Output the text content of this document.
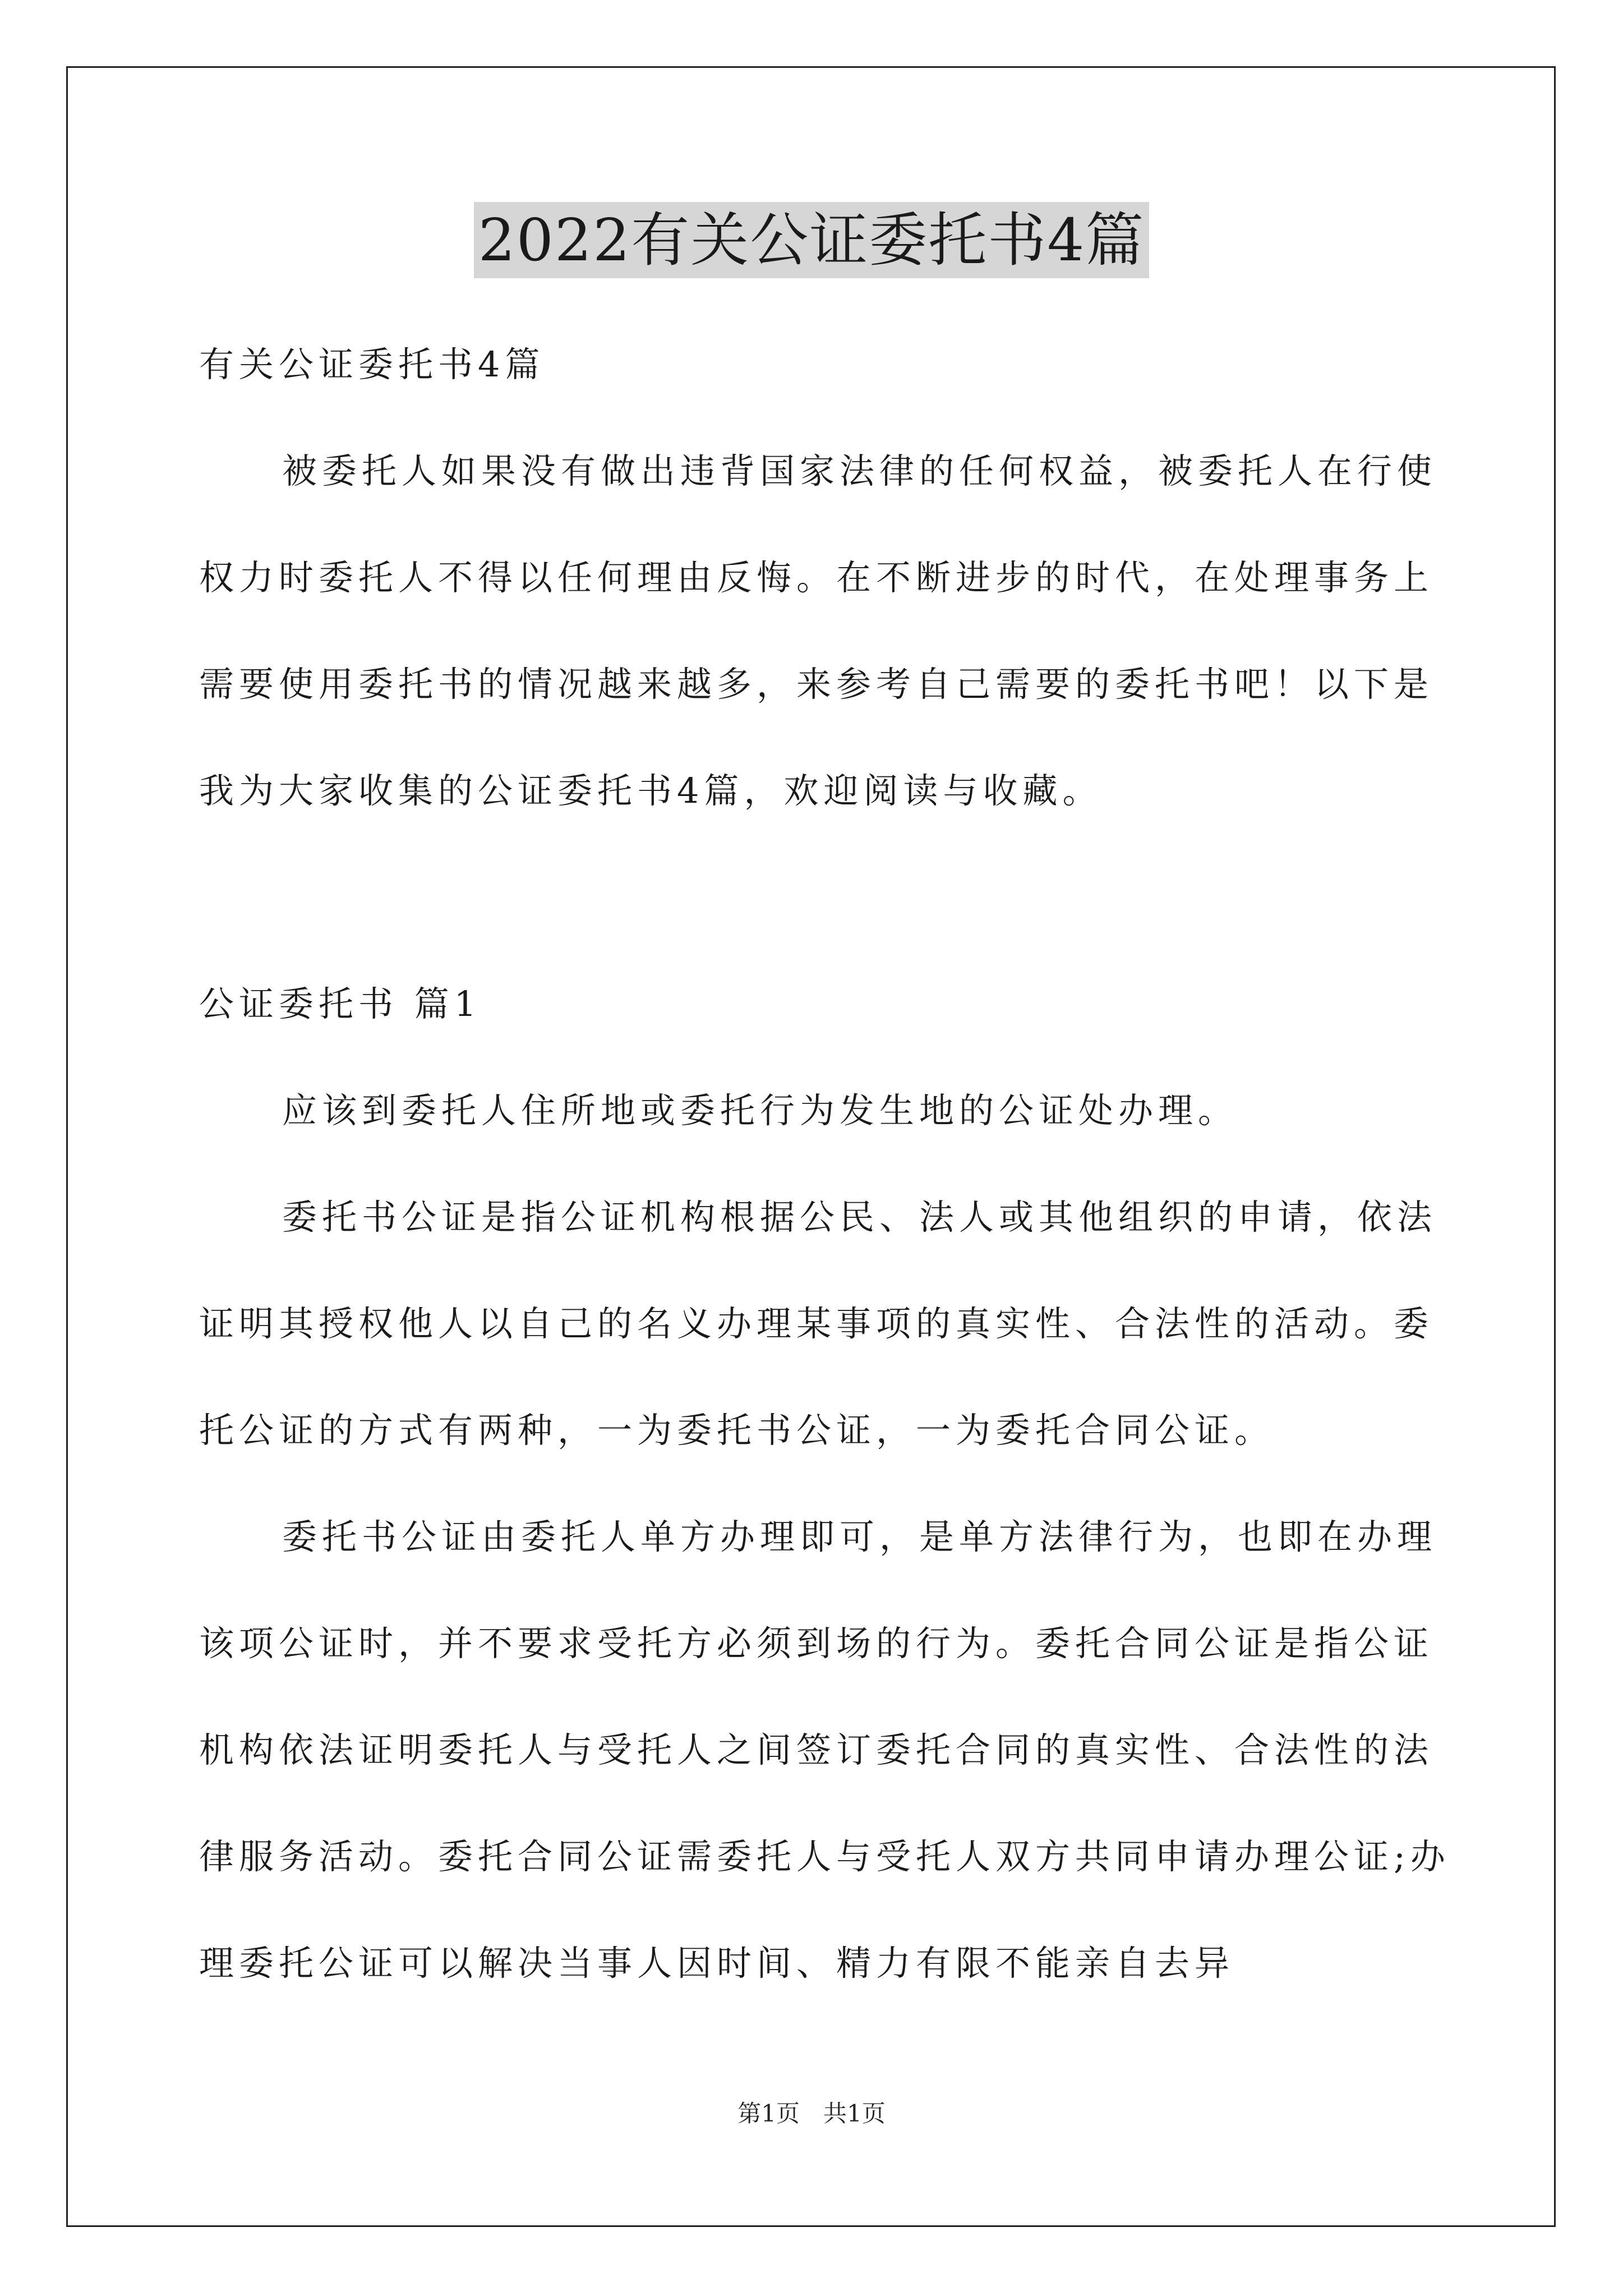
2022有关公证委托书4篇

有关公证委托书4篇

被委托人如果没有做出违背国家法律的任何权益，被委托人在行使权力时委托人不得以任何理由反悔。在不断进步的时代，在处理事务上需要使用委托书的情况越来越多，来参考自己需要的委托书吧！以下是我为大家收集的公证委托书4篇，欢迎阅读与收藏。

公证委托书 篇1

应该到委托人住所地或委托行为发生地的公证处办理。

委托书公证是指公证机构根据公民、法人或其他组织的申请，依法证明其授权他人以自己的名义办理某事项的真实性、合法性的活动。委托公证的方式有两种，一为委托书公证，一为委托合同公证。

委托书公证由委托人单方办理即可，是单方法律行为，也即在办理该项公证时，并不要求受托方必须到场的行为。委托合同公证是指公证机构依法证明委托人与受托人之间签订委托合同的真实性、合法性的法律服务活动。委托合同公证需委托人与受托人双方共同申请办理公证;办理委托公证可以解决当事人因时间、精力有限不能亲自去异

第1页　共1页
